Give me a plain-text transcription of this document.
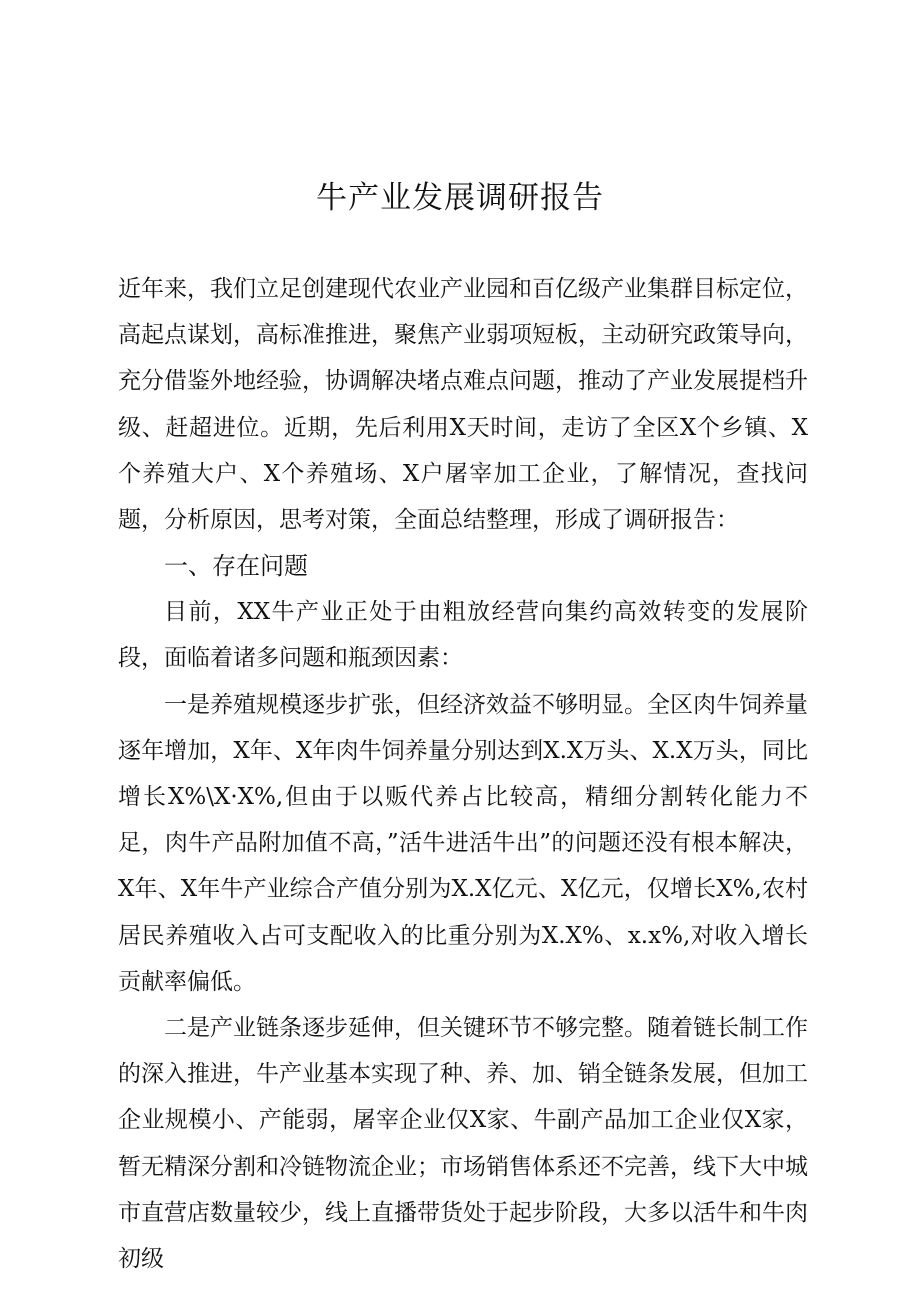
牛产业发展调研报告

近年来，我们立足创建现代农业产业园和百亿级产业集群目标定位，高起点谋划，高标准推进，聚焦产业弱项短板，主动研究政策导向，充分借鉴外地经验，协调解决堵点难点问题，推动了产业发展提档升级、赶超进位。近期，先后利用X天时间，走访了全区X个乡镇、X个养殖大户、X个养殖场、X户屠宰加工企业，了解情况，查找问题，分析原因，思考对策，全面总结整理，形成了调研报告：

一、存在问题

目前，XX牛产业正处于由粗放经营向集约高效转变的发展阶段，面临着诸多问题和瓶颈因素：

一是养殖规模逐步扩张，但经济效益不够明显。全区肉牛饲养量逐年增加，X年、X年肉牛饲养量分别达到X.X万头、X.X万头，同比增长X%\X·X%,但由于以贩代养占比较高，精细分割转化能力不足，肉牛产品附加值不高，”活牛进活牛出”的问题还没有根本解决，X年、X年牛产业综合产值分别为X.X亿元、X亿元，仅增长X%,农村居民养殖收入占可支配收入的比重分别为X.X%、x.x%,对收入增长贡献率偏低。

二是产业链条逐步延伸，但关键环节不够完整。随着链长制工作的深入推进，牛产业基本实现了种、养、加、销全链条发展，但加工企业规模小、产能弱，屠宰企业仅X家、牛副产品加工企业仅X家，暂无精深分割和冷链物流企业；市场销售体系还不完善，线下大中城市直营店数量较少，线上直播带货处于起步阶段，大多以活牛和牛肉初级
